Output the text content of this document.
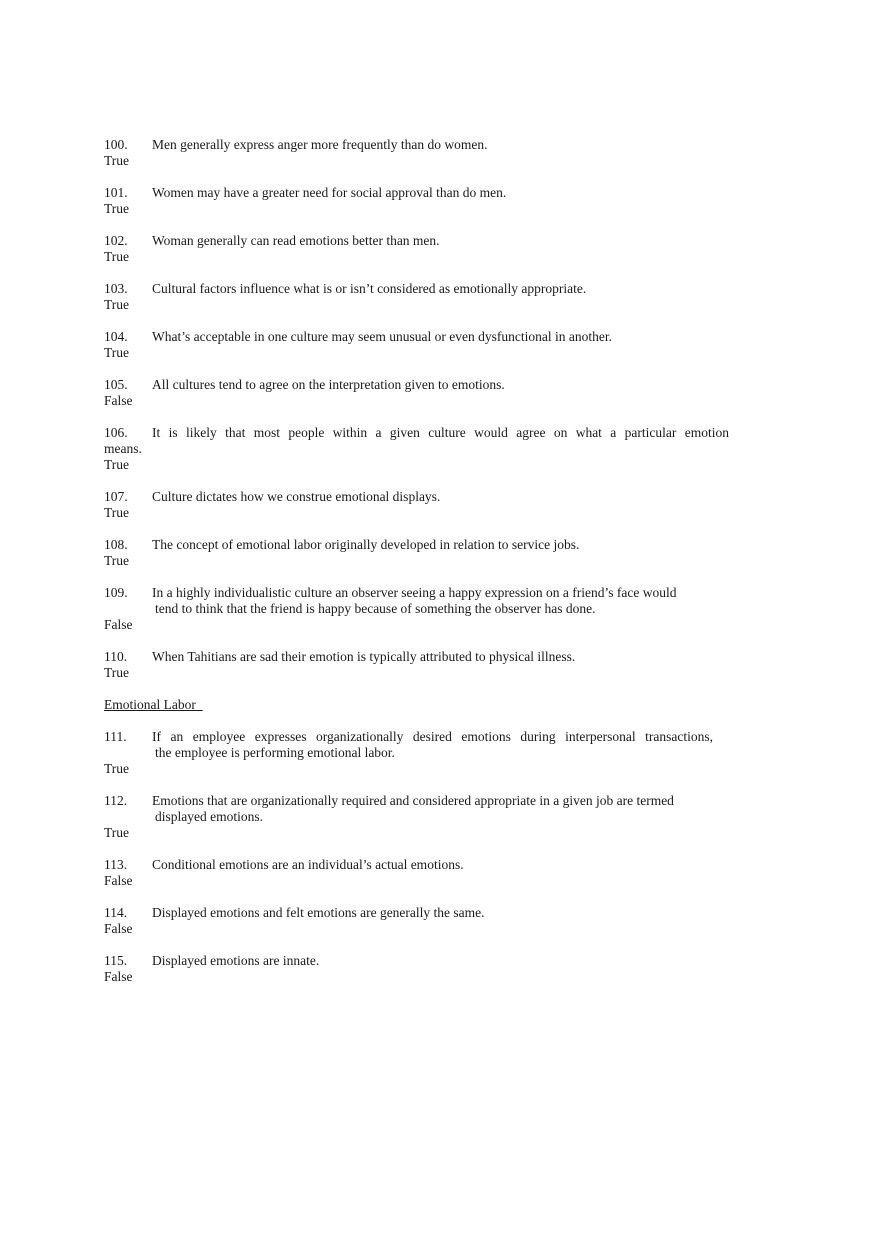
100. Men generally express anger more frequently than do women.
True
101. Women may have a greater need for social approval than do men.
True
102. Woman generally can read emotions better than men.
True
103. Cultural factors influence what is or isn’t considered as emotionally appropriate.
True
104. What’s acceptable in one culture may seem unusual or even dysfunctional in another.
True
105. All cultures tend to agree on the interpretation given to emotions.
False
106. It is likely that most people within a given culture would agree on what a particular emotion
means.
True
107. Culture dictates how we construe emotional displays.
True
108. The concept of emotional labor originally developed in relation to service jobs.
True
109. In a highly individualistic culture an observer seeing a happy expression on a friend’s face would
tend to think that the friend is happy because of something the observer has done.
False
110. When Tahitians are sad their emotion is typically attributed to physical illness.
True
Emotional Labor
111. If an employee expresses organizationally desired emotions during interpersonal transactions,
the employee is performing emotional labor.
True
112. Emotions that are organizationally required and considered appropriate in a given job are termed
displayed emotions.
True
113. Conditional emotions are an individual’s actual emotions.
False
114. Displayed emotions and felt emotions are generally the same.
False
115. Displayed emotions are innate.
False
